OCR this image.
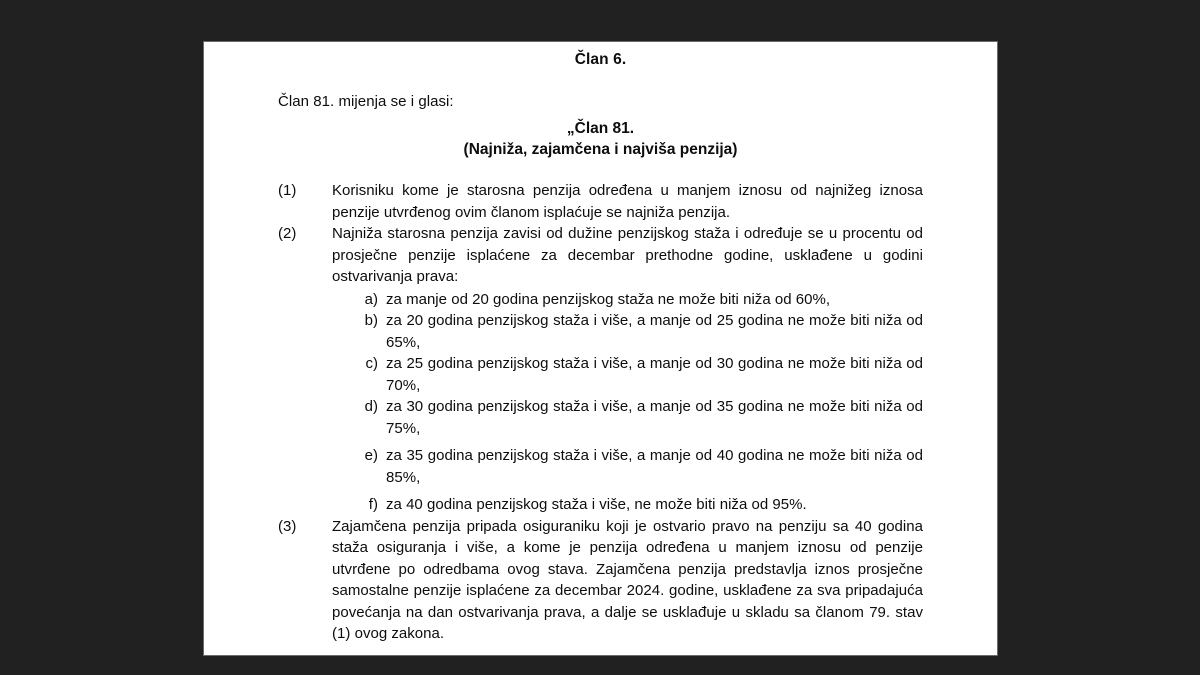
Član 6.

Član 81. mijenja se i glasi:

„Član 81.
(Najniža, zajamčena i najviša penzija)
(1)	Korisniku kome je starosna penzija određena u manjem iznosu od najnižeg iznosa penzije utvrđenog ovim članom isplaćuje se najniža penzija.
(2)	Najniža starosna penzija zavisi od dužine penzijskog staža i određuje se u procentu od prosječne penzije isplaćene za decembar prethodne godine, usklađene u godini ostvarivanja prava:
a) za manje od 20 godina penzijskog staža ne može biti niža od 60%,
b) za 20 godina penzijskog staža i više, a manje od 25 godina ne može biti niža od 65%,
c) za 25 godina penzijskog staža i više, a manje od 30 godina ne može biti niža od 70%,
d) za 30 godina penzijskog staža i više, a manje od 35 godina ne može biti niža od 75%,
e) za 35 godina penzijskog staža i više, a manje od 40 godina ne može biti niža od 85%,
f) za 40 godina penzijskog staža i više, ne može biti niža od 95%.
(3)	Zajamčena penzija pripada osiguraniku koji je ostvario pravo na penziju sa 40 godina staža osiguranja i više, a kome je penzija određena u manjem iznosu od penzije utvrđene po odredbama ovog stava. Zajamčena penzija predstavlja iznos prosječne samostalne penzije isplaćene za decembar 2024. godine, usklađene za sva pripadajuća povećanja na dan ostvarivanja prava, a dalje se usklađuje u skladu sa članom 79. stav (1) ovog zakona.
